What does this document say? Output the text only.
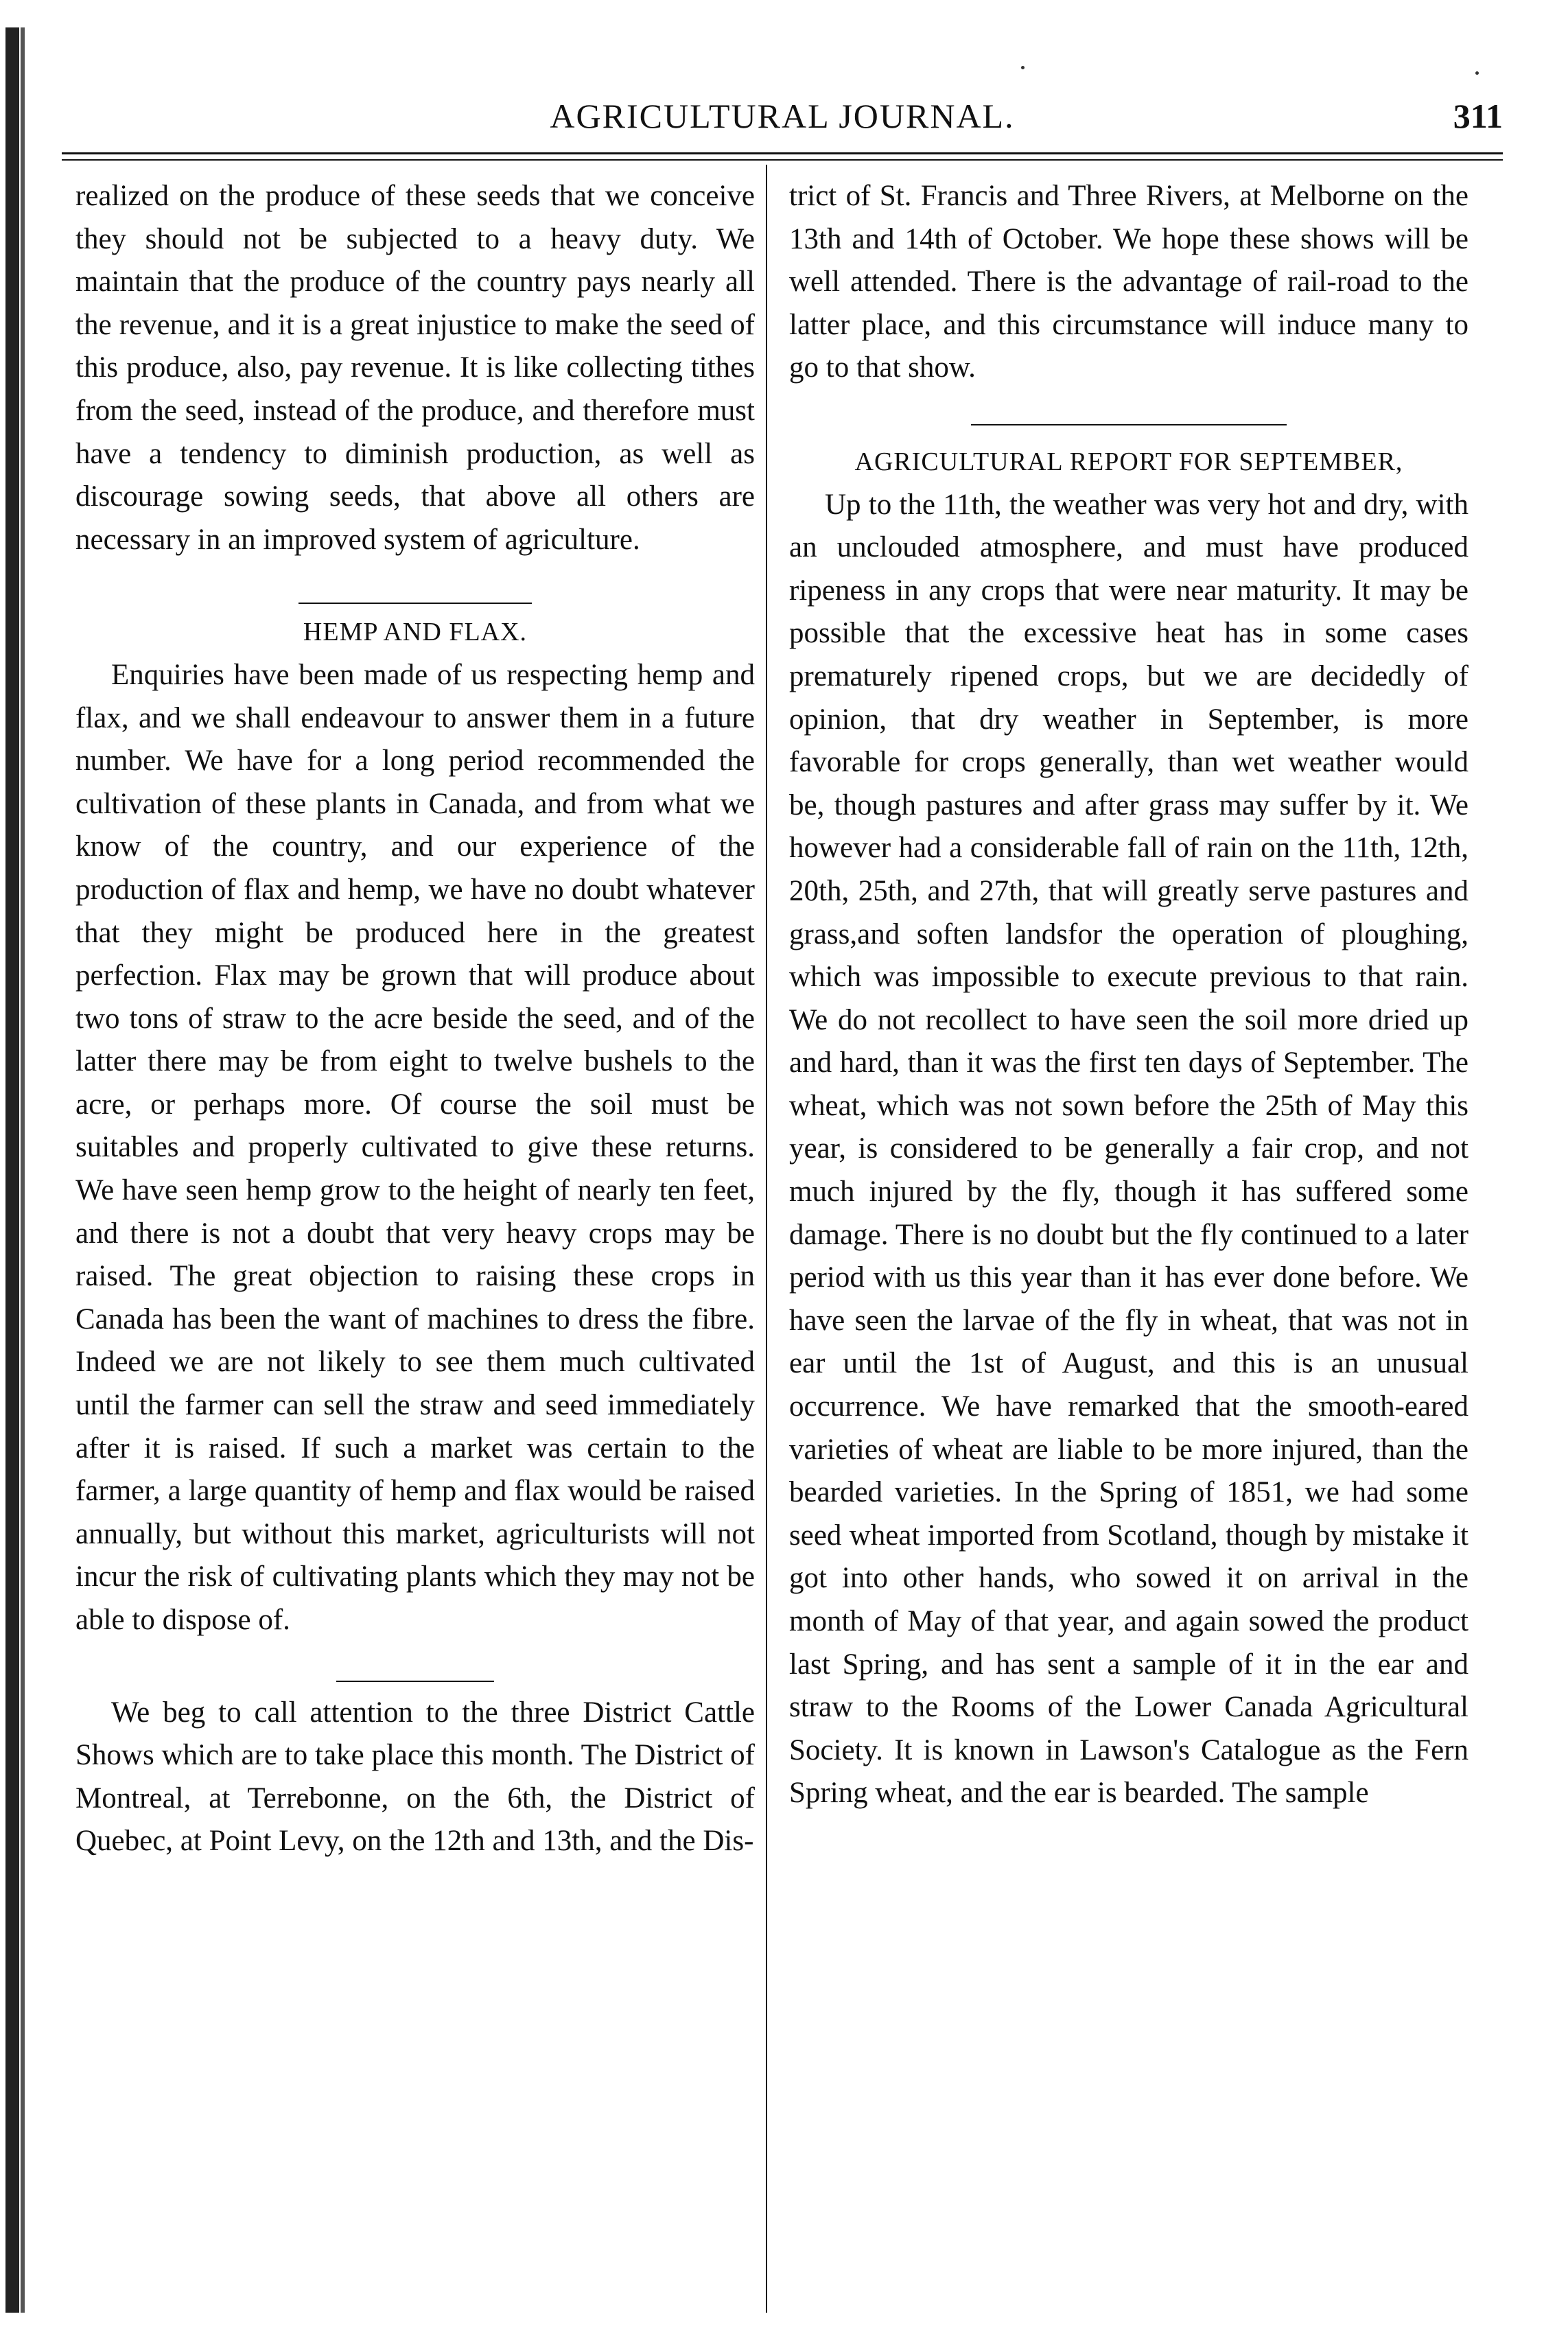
AGRICULTURAL JOURNAL.	311

realized on the produce of these seeds that we conceive they should not be subjected to a heavy duty. We maintain that the produce of the country pays nearly all the revenue, and it is a great injustice to make the seed of this produce, also, pay revenue. It is like collecting tithes from the seed, instead of the produce, and therefore must have a tendency to diminish production, as well as discourage sowing seeds, that above all others are necessary in an improved system of agriculture.

HEMP AND FLAX.

Enquiries have been made of us respecting hemp and flax, and we shall endeavour to answer them in a future number. We have for a long period recommended the cultivation of these plants in Canada, and from what we know of the country, and our experience of the production of flax and hemp, we have no doubt whatever that they might be produced here in the greatest perfection. Flax may be grown that will produce about two tons of straw to the acre beside the seed, and of the latter there may be from eight to twelve bushels to the acre, or perhaps more. Of course the soil must be suitables and properly cultivated to give these returns. We have seen hemp grow to the height of nearly ten feet, and there is not a doubt that very heavy crops may be raised. The great objection to raising these crops in Canada has been the want of machines to dress the fibre. Indeed we are not likely to see them much cultivated until the farmer can sell the straw and seed immediately after it is raised. If such a market was certain to the farmer, a large quantity of hemp and flax would be raised annually, but without this market, agriculturists will not incur the risk of cultivating plants which they may not be able to dispose of.

We beg to call attention to the three District Cattle Shows which are to take place this month. The District of Montreal, at Terrebonne, on the 6th, the District of Quebec, at Point Levy, on the 12th and 13th, and the Dis-

trict of St. Francis and Three Rivers, at Melborne on the 13th and 14th of October. We hope these shows will be well attended. There is the advantage of rail-road to the latter place, and this circumstance will induce many to go to that show.

AGRICULTURAL REPORT FOR SEPTEMBER,

Up to the 11th, the weather was very hot and dry, with an unclouded atmosphere, and must have produced ripeness in any crops that were near maturity. It may be possible that the excessive heat has in some cases prematurely ripened crops, but we are decidedly of opinion, that dry weather in September, is more favorable for crops generally, than wet weather would be, though pastures and after grass may suffer by it. We however had a considerable fall of rain on the 11th, 12th, 20th, 25th, and 27th, that will greatly serve pastures and grass,and soften landsfor the operation of ploughing, which was impossible to execute previous to that rain. We do not recollect to have seen the soil more dried up and hard, than it was the first ten days of September. The wheat, which was not sown before the 25th of May this year, is considered to be generally a fair crop, and not much injured by the fly, though it has suffered some damage. There is no doubt but the fly continued to a later period with us this year than it has ever done before. We have seen the larvae of the fly in wheat, that was not in ear until the 1st of August, and this is an unusual occurrence. We have remarked that the smooth-eared varieties of wheat are liable to be more injured, than the bearded varieties. In the Spring of 1851, we had some seed wheat imported from Scotland, though by mistake it got into other hands, who sowed it on arrival in the month of May of that year, and again sowed the product last Spring, and has sent a sample of it in the ear and straw to the Rooms of the Lower Canada Agricultural Society. It is known in Lawson's Catalogue as the Fern Spring wheat, and the ear is bearded. The sample
